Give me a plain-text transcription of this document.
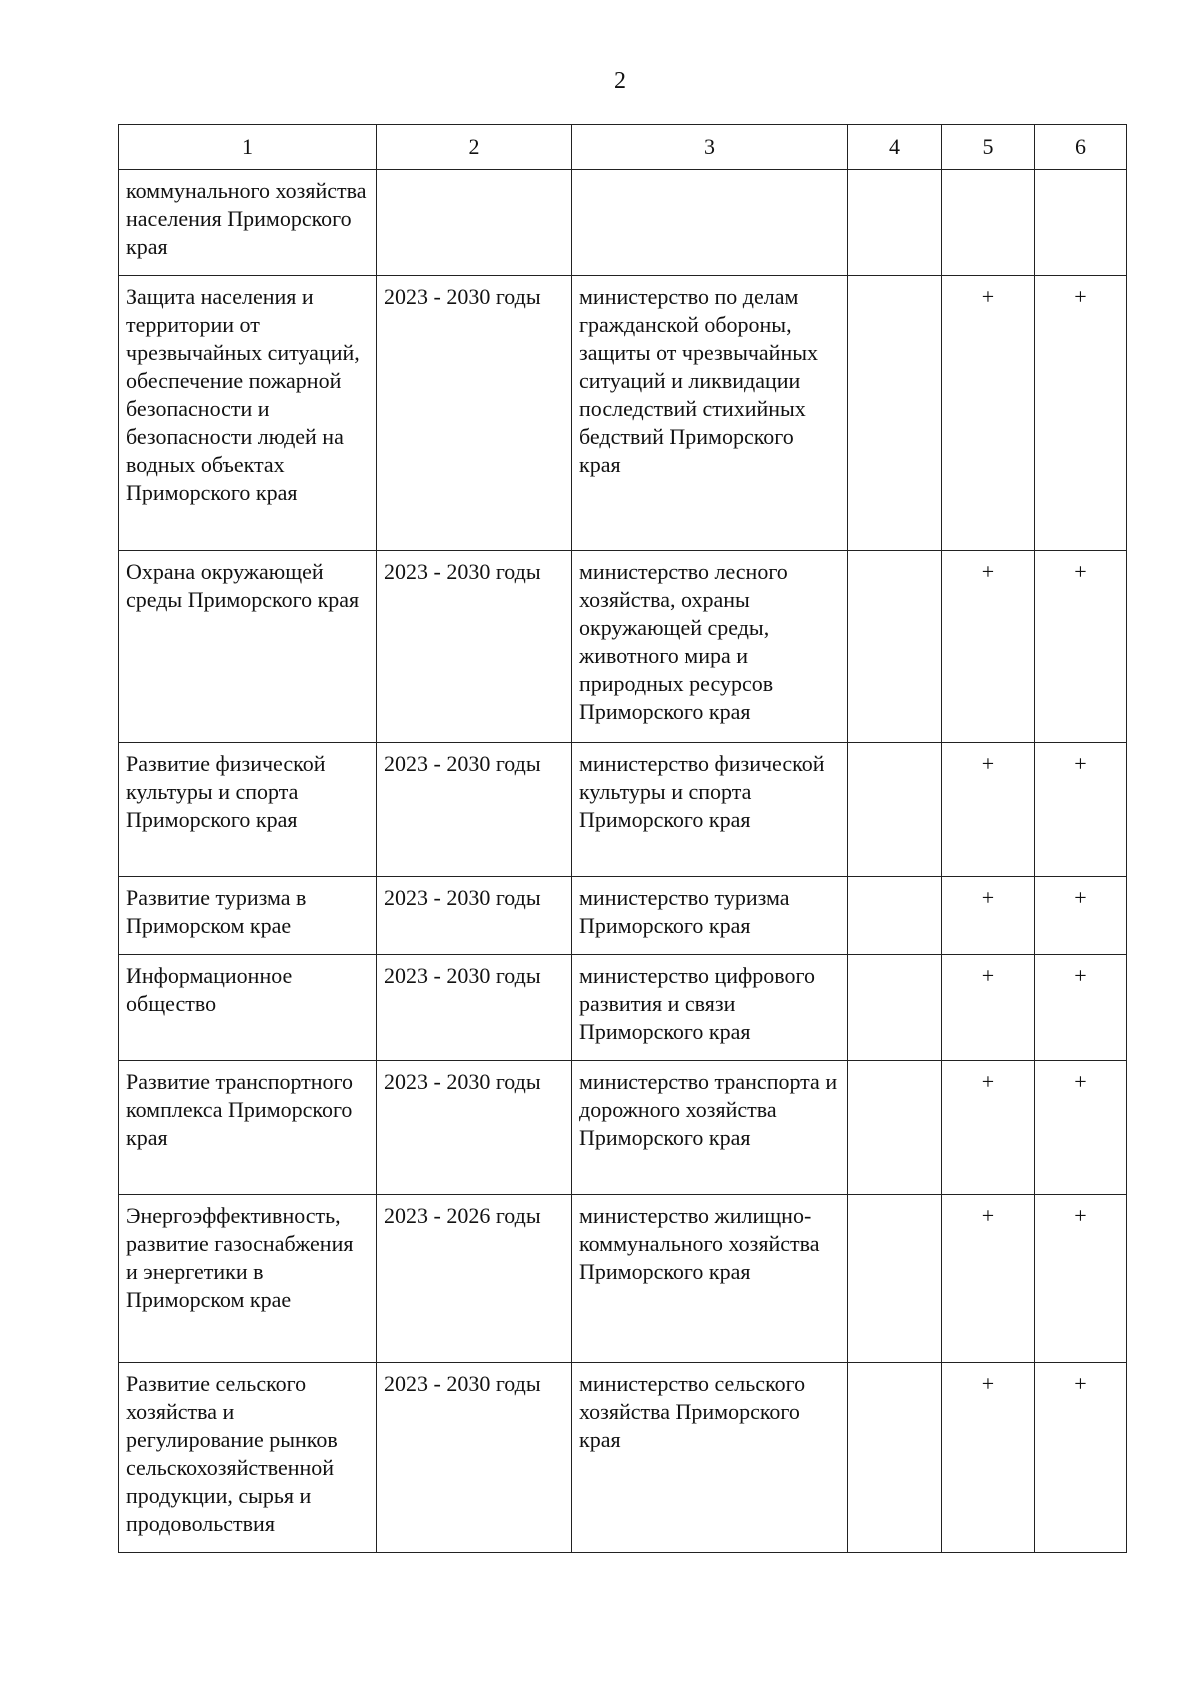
2
1	2	3	4	5	6
коммунального хозяйства населения Приморского края					
Защита населения и территории от чрезвычайных ситуаций, обеспечение пожарной безопасности и безопасности людей на водных объектах Приморского края	2023 - 2030 годы	министерство по делам гражданской обороны, защиты от чрезвычайных ситуаций и ликвидации последствий стихийных бедствий Приморского края		+	+
Охрана окружающей среды Приморского края	2023 - 2030 годы	министерство лесного хозяйства, охраны окружающей среды, животного мира и природных ресурсов Приморского края		+	+
Развитие физической культуры и спорта Приморского края	2023 - 2030 годы	министерство физической культуры и спорта Приморского края		+	+
Развитие туризма в Приморском крае	2023 - 2030 годы	министерство туризма Приморского края		+	+
Информационное общество	2023 - 2030 годы	министерство цифрового развития и связи Приморского края		+	+
Развитие транспортного комплекса Приморского края	2023 - 2030 годы	министерство транспорта и дорожного хозяйства Приморского края		+	+
Энергоэффективность, развитие газоснабжения и энергетики в Приморском крае	2023 - 2026 годы	министерство жилищно-коммунального хозяйства Приморского края		+	+
Развитие сельского хозяйства и регулирование рынков сельскохозяйственной продукции, сырья и продовольствия	2023 - 2030 годы	министерство сельского хозяйства Приморского края		+	+
